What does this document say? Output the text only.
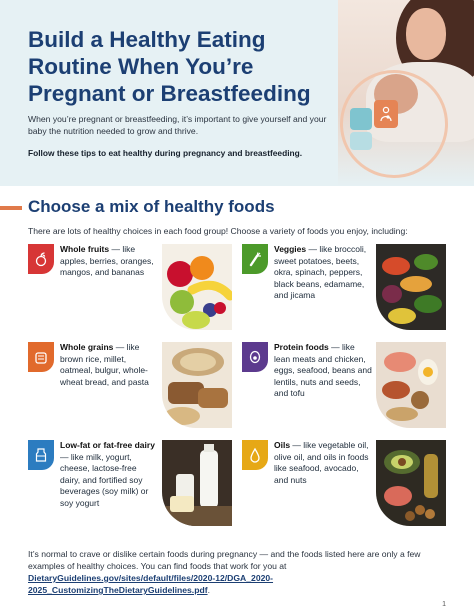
Build a Healthy Eating
Routine When You’re
Pregnant or Breastfeeding

When you’re pregnant or breastfeeding, it’s important to give yourself and your baby the nutrition needed to grow and thrive.

Follow these tips to eat healthy during pregnancy and breastfeeding.

Choose a mix of healthy foods

There are lots of healthy choices in each food group! Choose a variety of foods you enjoy, including:

Whole fruits — like apples, berries, oranges, mangos, and bananas

Veggies — like broccoli, sweet potatoes, beets, okra, spinach, peppers, black beans, edamame, and jicama

Whole grains — like brown rice, millet, oatmeal, bulgur, whole-wheat bread, and pasta

Protein foods — like lean meats and chicken, eggs, seafood, beans and lentils, nuts and seeds, and tofu

Low-fat or fat-free dairy — like milk, yogurt, cheese, lactose-free dairy, and fortified soy beverages (soy milk) or soy yogurt

Oils — like vegetable oil, olive oil, and oils in foods like seafood, avocado, and nuts

It’s normal to crave or dislike certain foods during pregnancy — and the foods listed here are only a few examples of healthy choices. You can find foods that work for you at DietaryGuidelines.gov/sites/default/files/2020-12/DGA_2020-2025_CustomizingTheDietaryGuidelines.pdf.

1
